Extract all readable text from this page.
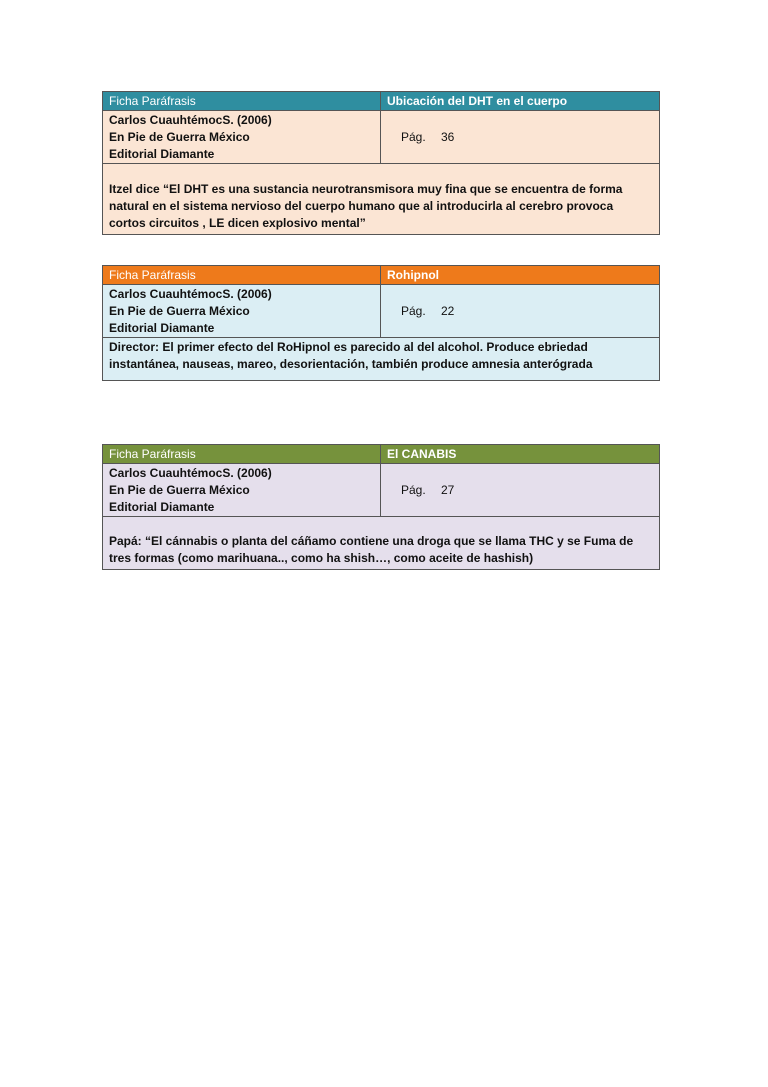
Ficha Paráfrasis	Ubicación del DHT en el cuerpo
Carlos CuauhtémocS. (2006)
En Pie de Guerra México
Editorial Diamante
Pág.	36
Itzel dice “El DHT es una sustancia neurotransmisora muy fina que se encuentra de forma
natural en el sistema nervioso del cuerpo humano que al introducirla al cerebro provoca
cortos circuitos , LE dicen explosivo mental”
Ficha Paráfrasis	Rohipnol
Carlos CuauhtémocS. (2006)
En Pie de Guerra México
Editorial Diamante
Pág.	22
Director: El primer efecto del RoHipnol es parecido al del alcohol. Produce ebriedad
instantánea, nauseas, mareo, desorientación, también produce amnesia anterógrada
Ficha Paráfrasis	El CANABIS
Carlos CuauhtémocS. (2006)
En Pie de Guerra México
Editorial Diamante
Pág.	27
Papá: “El cánnabis o planta del cáñamo contiene una droga que se llama THC y se Fuma de
tres formas (como marihuana.., como ha shish…, como aceite de hashish)
